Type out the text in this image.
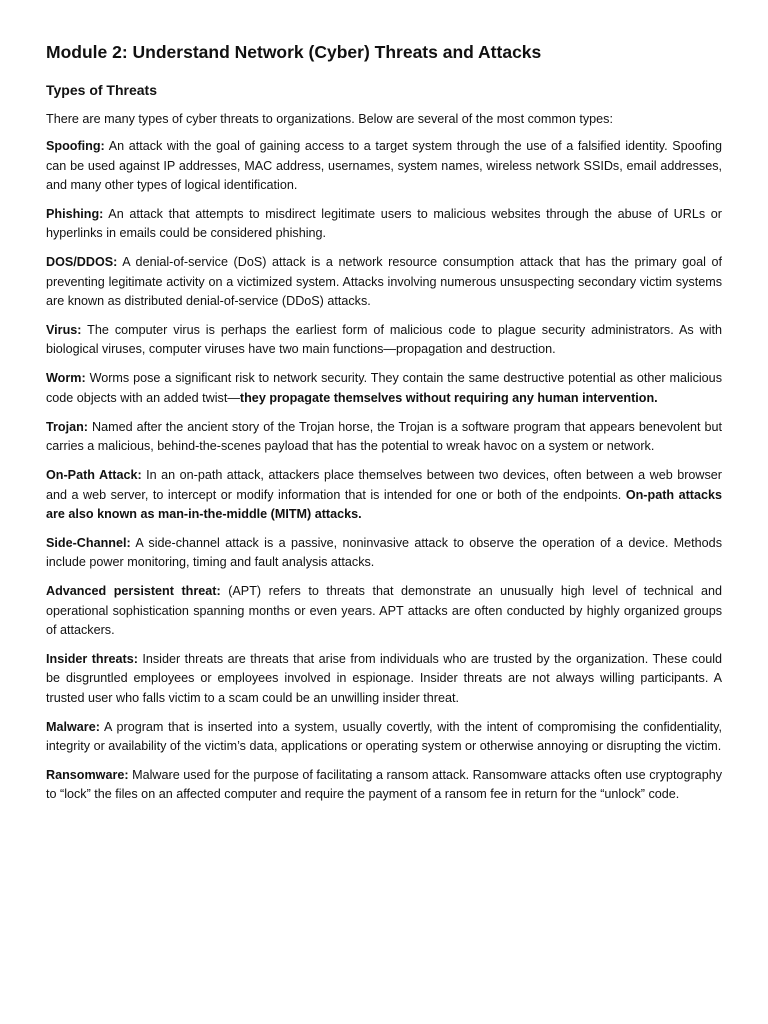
Module 2: Understand Network (Cyber) Threats and Attacks
Types of Threats

There are many types of cyber threats to organizations. Below are several of the most common types:

Spoofing: An attack with the goal of gaining access to a target system through the use of a falsified identity. Spoofing can be used against IP addresses, MAC address, usernames, system names, wireless network SSIDs, email addresses, and many other types of logical identification.

Phishing: An attack that attempts to misdirect legitimate users to malicious websites through the abuse of URLs or hyperlinks in emails could be considered phishing.

DOS/DDOS: A denial-of-service (DoS) attack is a network resource consumption attack that has the primary goal of preventing legitimate activity on a victimized system. Attacks involving numerous unsuspecting secondary victim systems are known as distributed denial-of-service (DDoS) attacks.

Virus: The computer virus is perhaps the earliest form of malicious code to plague security administrators. As with biological viruses, computer viruses have two main functions—propagation and destruction.

Worm: Worms pose a significant risk to network security. They contain the same destructive potential as other malicious code objects with an added twist—they propagate themselves without requiring any human intervention.

Trojan: Named after the ancient story of the Trojan horse, the Trojan is a software program that appears benevolent but carries a malicious, behind-the-scenes payload that has the potential to wreak havoc on a system or network.

On-Path Attack: In an on-path attack, attackers place themselves between two devices, often between a web browser and a web server, to intercept or modify information that is intended for one or both of the endpoints. On-path attacks are also known as man-in-the-middle (MITM) attacks.

Side-Channel: A side-channel attack is a passive, noninvasive attack to observe the operation of a device. Methods include power monitoring, timing and fault analysis attacks.

Advanced persistent threat: (APT) refers to threats that demonstrate an unusually high level of technical and operational sophistication spanning months or even years. APT attacks are often conducted by highly organized groups of attackers.

Insider threats: Insider threats are threats that arise from individuals who are trusted by the organization. These could be disgruntled employees or employees involved in espionage. Insider threats are not always willing participants. A trusted user who falls victim to a scam could be an unwilling insider threat.

Malware: A program that is inserted into a system, usually covertly, with the intent of compromising the confidentiality, integrity or availability of the victim’s data, applications or operating system or otherwise annoying or disrupting the victim.

Ransomware: Malware used for the purpose of facilitating a ransom attack. Ransomware attacks often use cryptography to “lock” the files on an affected computer and require the payment of a ransom fee in return for the “unlock” code.
